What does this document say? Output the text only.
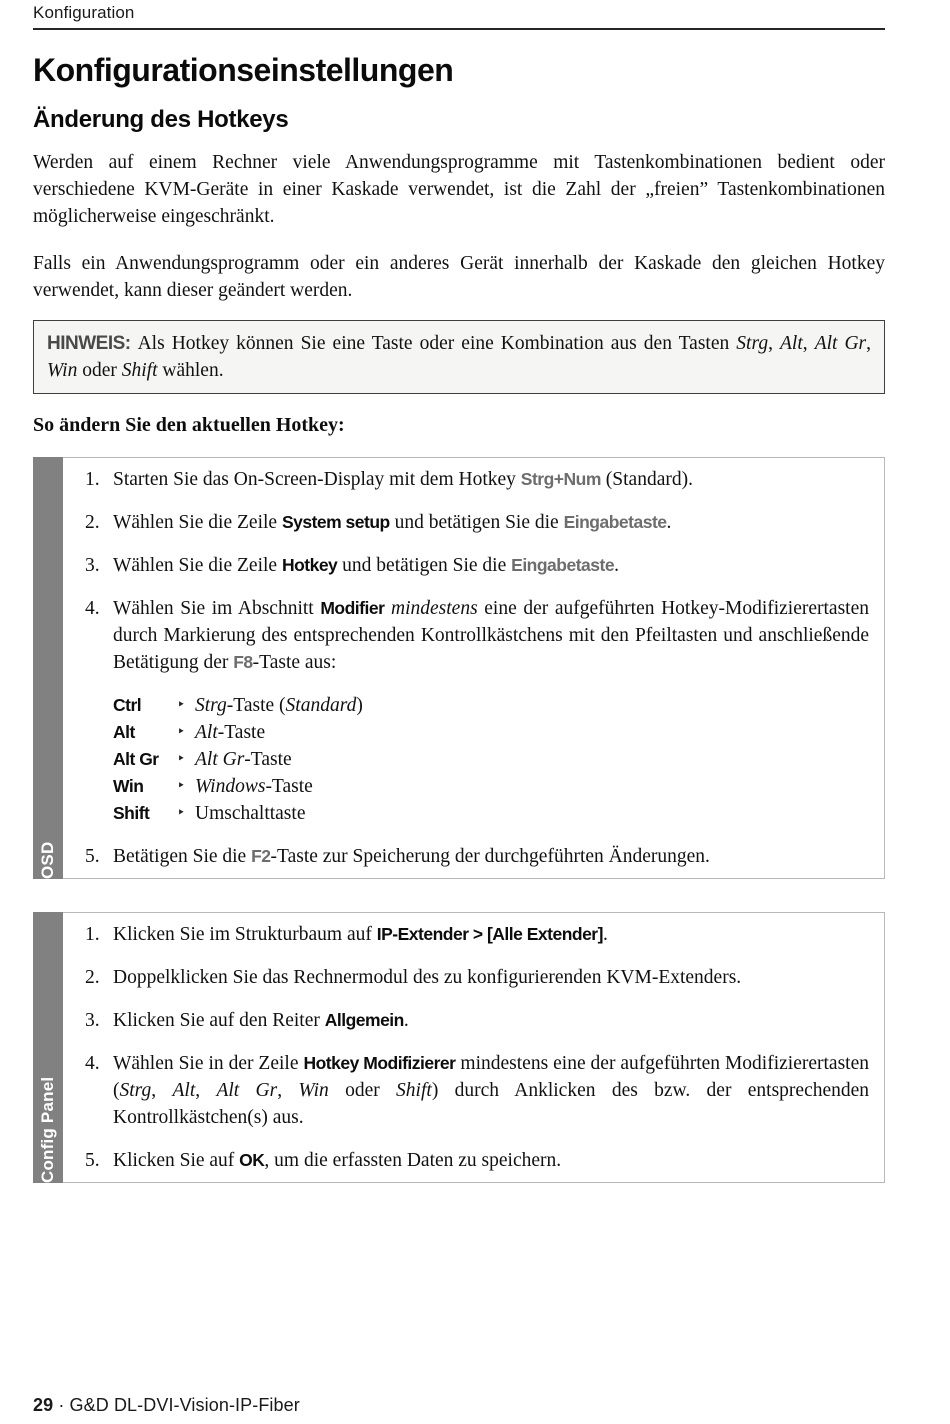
Konfiguration
Konfigurationseinstellungen
Änderung des Hotkeys

Werden auf einem Rechner viele Anwendungsprogramme mit Tastenkombinationen bedient oder verschiedene KVM-Geräte in einer Kaskade verwendet, ist die Zahl der „freien” Tastenkombinationen möglicherweise eingeschränkt.

Falls ein Anwendungsprogramm oder ein anderes Gerät innerhalb der Kaskade den gleichen Hotkey verwendet, kann dieser geändert werden.

HINWEIS: Als Hotkey können Sie eine Taste oder eine Kombination aus den Tasten Strg, Alt, Alt Gr, Win oder Shift wählen.
So ändern Sie den aktuellen Hotkey:
OSD
1. Starten Sie das On-Screen-Display mit dem Hotkey Strg+Num (Standard).
2. Wählen Sie die Zeile System setup und betätigen Sie die Eingabetaste.
3. Wählen Sie die Zeile Hotkey und betätigen Sie die Eingabetaste.
4. Wählen Sie im Abschnitt Modifier mindestens eine der aufgeführten Hotkey-Modifizierertasten durch Markierung des entsprechenden Kontrollkästchens mit den Pfeiltasten und anschließende Betätigung der F8-Taste aus:
Ctrl	‣ Strg-Taste (Standard)
Alt	‣ Alt-Taste
Alt Gr	‣ Alt Gr-Taste
Win	‣ Windows-Taste
Shift	‣ Umschalttaste
5. Betätigen Sie die F2-Taste zur Speicherung der durchgeführten Änderungen.
Config Panel
1. Klicken Sie im Strukturbaum auf IP-Extender > [Alle Extender].
2. Doppelklicken Sie das Rechnermodul des zu konfigurierenden KVM-Extenders.
3. Klicken Sie auf den Reiter Allgemein.
4. Wählen Sie in der Zeile Hotkey Modifizierer mindestens eine der aufgeführten Modifizierertasten (Strg, Alt, Alt Gr, Win oder Shift) durch Anklicken des bzw. der entsprechenden Kontrollkästchen(s) aus.
5. Klicken Sie auf OK, um die erfassten Daten zu speichern.
29 · G&D DL-DVI-Vision-IP-Fiber
